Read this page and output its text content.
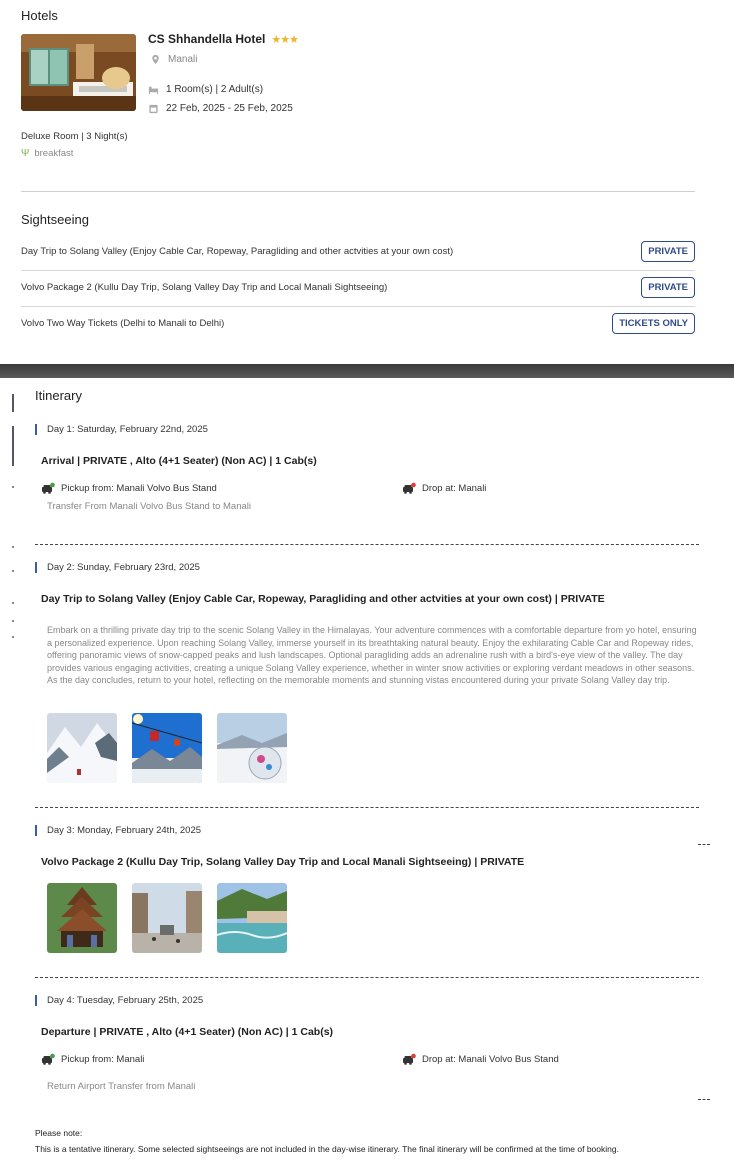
Hotels
CS Shhandella Hotel ★★★
Manali
1 Room(s) | 2 Adult(s)
22 Feb, 2025 - 25 Feb, 2025
Deluxe Room | 3 Night(s)
Ψ breakfast
Sightseeing
Day Trip to Solang Valley (Enjoy Cable Car, Ropeway, Paragliding and other actvities at your own cost)	PRIVATE
Volvo Package 2 (Kullu Day Trip, Solang Valley Day Trip and Local Manali Sightseeing)	PRIVATE
Volvo Two Way Tickets (Delhi to Manali to Delhi)	TICKETS ONLY
Itinerary
Day 1: Saturday, February 22nd, 2025
Arrival | PRIVATE , Alto (4+1 Seater) (Non AC) | 1 Cab(s)
Pickup from: Manali Volvo Bus Stand	Drop at: Manali
Transfer From Manali Volvo Bus Stand to Manali
Day 2: Sunday, February 23rd, 2025
Day Trip to Solang Valley (Enjoy Cable Car, Ropeway, Paragliding and other actvities at your own cost) | PRIVATE
Embark on a thrilling private day trip to the scenic Solang Valley in the Himalayas. Your adventure commences with a comfortable departure from yo hotel, ensuring a personalized experience. Upon reaching Solang Valley, immerse yourself in its breathtaking natural beauty. Enjoy the exhilarating Cable Car and Ropeway rides, offering panoramic views of snow-capped peaks and lush landscapes. Optional paragliding adds an adrenaline rush with a bird's-eye view of the valley. The day provides various engaging activities, creating a unique Solang Valley experience, whether in winter snow activities or exploring verdant meadows in other seasons. As the day concludes, return to your hotel, reflecting on the memorable moments and stunning vistas encountered during your private Solang Valley day trip.
Day 3: Monday, February 24th, 2025
Volvo Package 2 (Kullu Day Trip, Solang Valley Day Trip and Local Manali Sightseeing) | PRIVATE
Day 4: Tuesday, February 25th, 2025
Departure | PRIVATE , Alto (4+1 Seater) (Non AC) | 1 Cab(s)
Pickup from: Manali	Drop at: Manali Volvo Bus Stand
Return Airport Transfer from Manali
Please note:
This is a tentative itinerary. Some selected sightseeings are not included in the day-wise itinerary. The final itinerary will be confirmed at the time of booking.
